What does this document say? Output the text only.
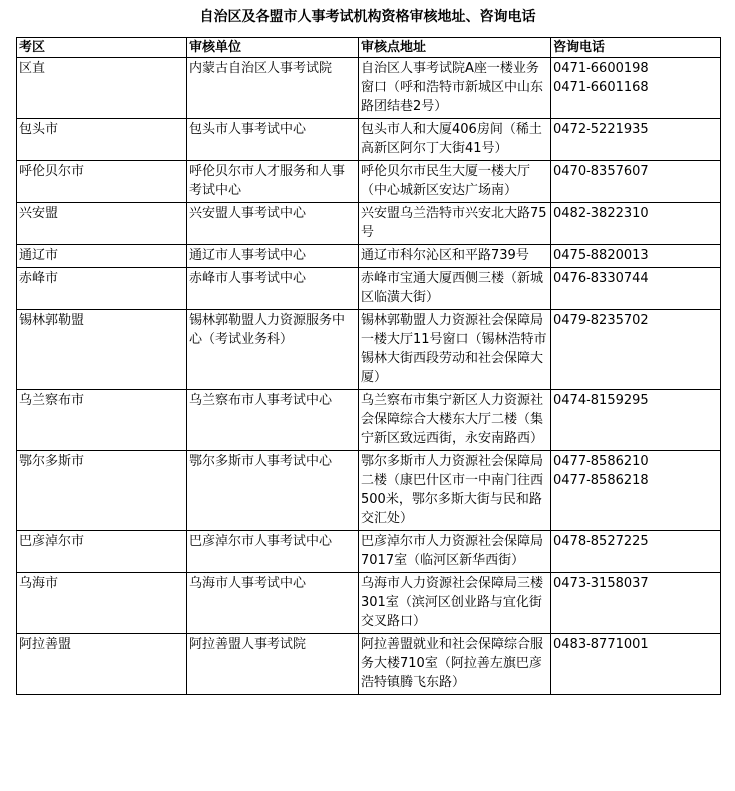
自治区及各盟市人事考试机构资格审核地址、咨询电话
考区	审核单位	审核点地址	咨询电话
区直	内蒙古自治区人事考试院	自治区人事考试院A座一楼业务窗口（呼和浩特市新城区中山东路团结巷2号）	0471-6600198
0471-6601168

包头市	包头市人事考试中心	包头市人和大厦406房间（稀土高新区阿尔丁大街41号）	0472-5221935

呼伦贝尔市	呼伦贝尔市人才服务和人事考试中心	呼伦贝尔市民生大厦一楼大厅（中心城新区安达广场南）	0470-8357607

兴安盟	兴安盟人事考试中心	兴安盟乌兰浩特市兴安北大路75号	0482-3822310

通辽市	通辽市人事考试中心	通辽市科尔沁区和平路739号	0475-8820013

赤峰市	赤峰市人事考试中心	赤峰市宝通大厦西侧三楼（新城区临潢大街）	0476-8330744

锡林郭勒盟	锡林郭勒盟人力资源服务中心（考试业务科）	锡林郭勒盟人力资源社会保障局一楼大厅11号窗口（锡林浩特市锡林大街西段劳动和社会保障大厦）	0479-8235702

乌兰察布市	乌兰察布市人事考试中心	乌兰察布市集宁新区人力资源社会保障综合大楼东大厅二楼（集宁新区致远西街，永安南路西）	0474-8159295

鄂尔多斯市	鄂尔多斯市人事考试中心	鄂尔多斯市人力资源社会保障局二楼（康巴什区市一中南门往西500米，鄂尔多斯大街与民和路交汇处）	0477-8586210
0477-8586218

巴彦淖尔市	巴彦淖尔市人事考试中心	巴彦淖尔市人力资源社会保障局7017室（临河区新华西街）	0478-8527225

乌海市	乌海市人事考试中心	乌海市人力资源社会保障局三楼301室（滨河区创业路与宜化街交叉路口）	0473-3158037

阿拉善盟	阿拉善盟人事考试院	阿拉善盟就业和社会保障综合服务大楼710室（阿拉善左旗巴彦浩特镇腾飞东路）	0483-8771001
